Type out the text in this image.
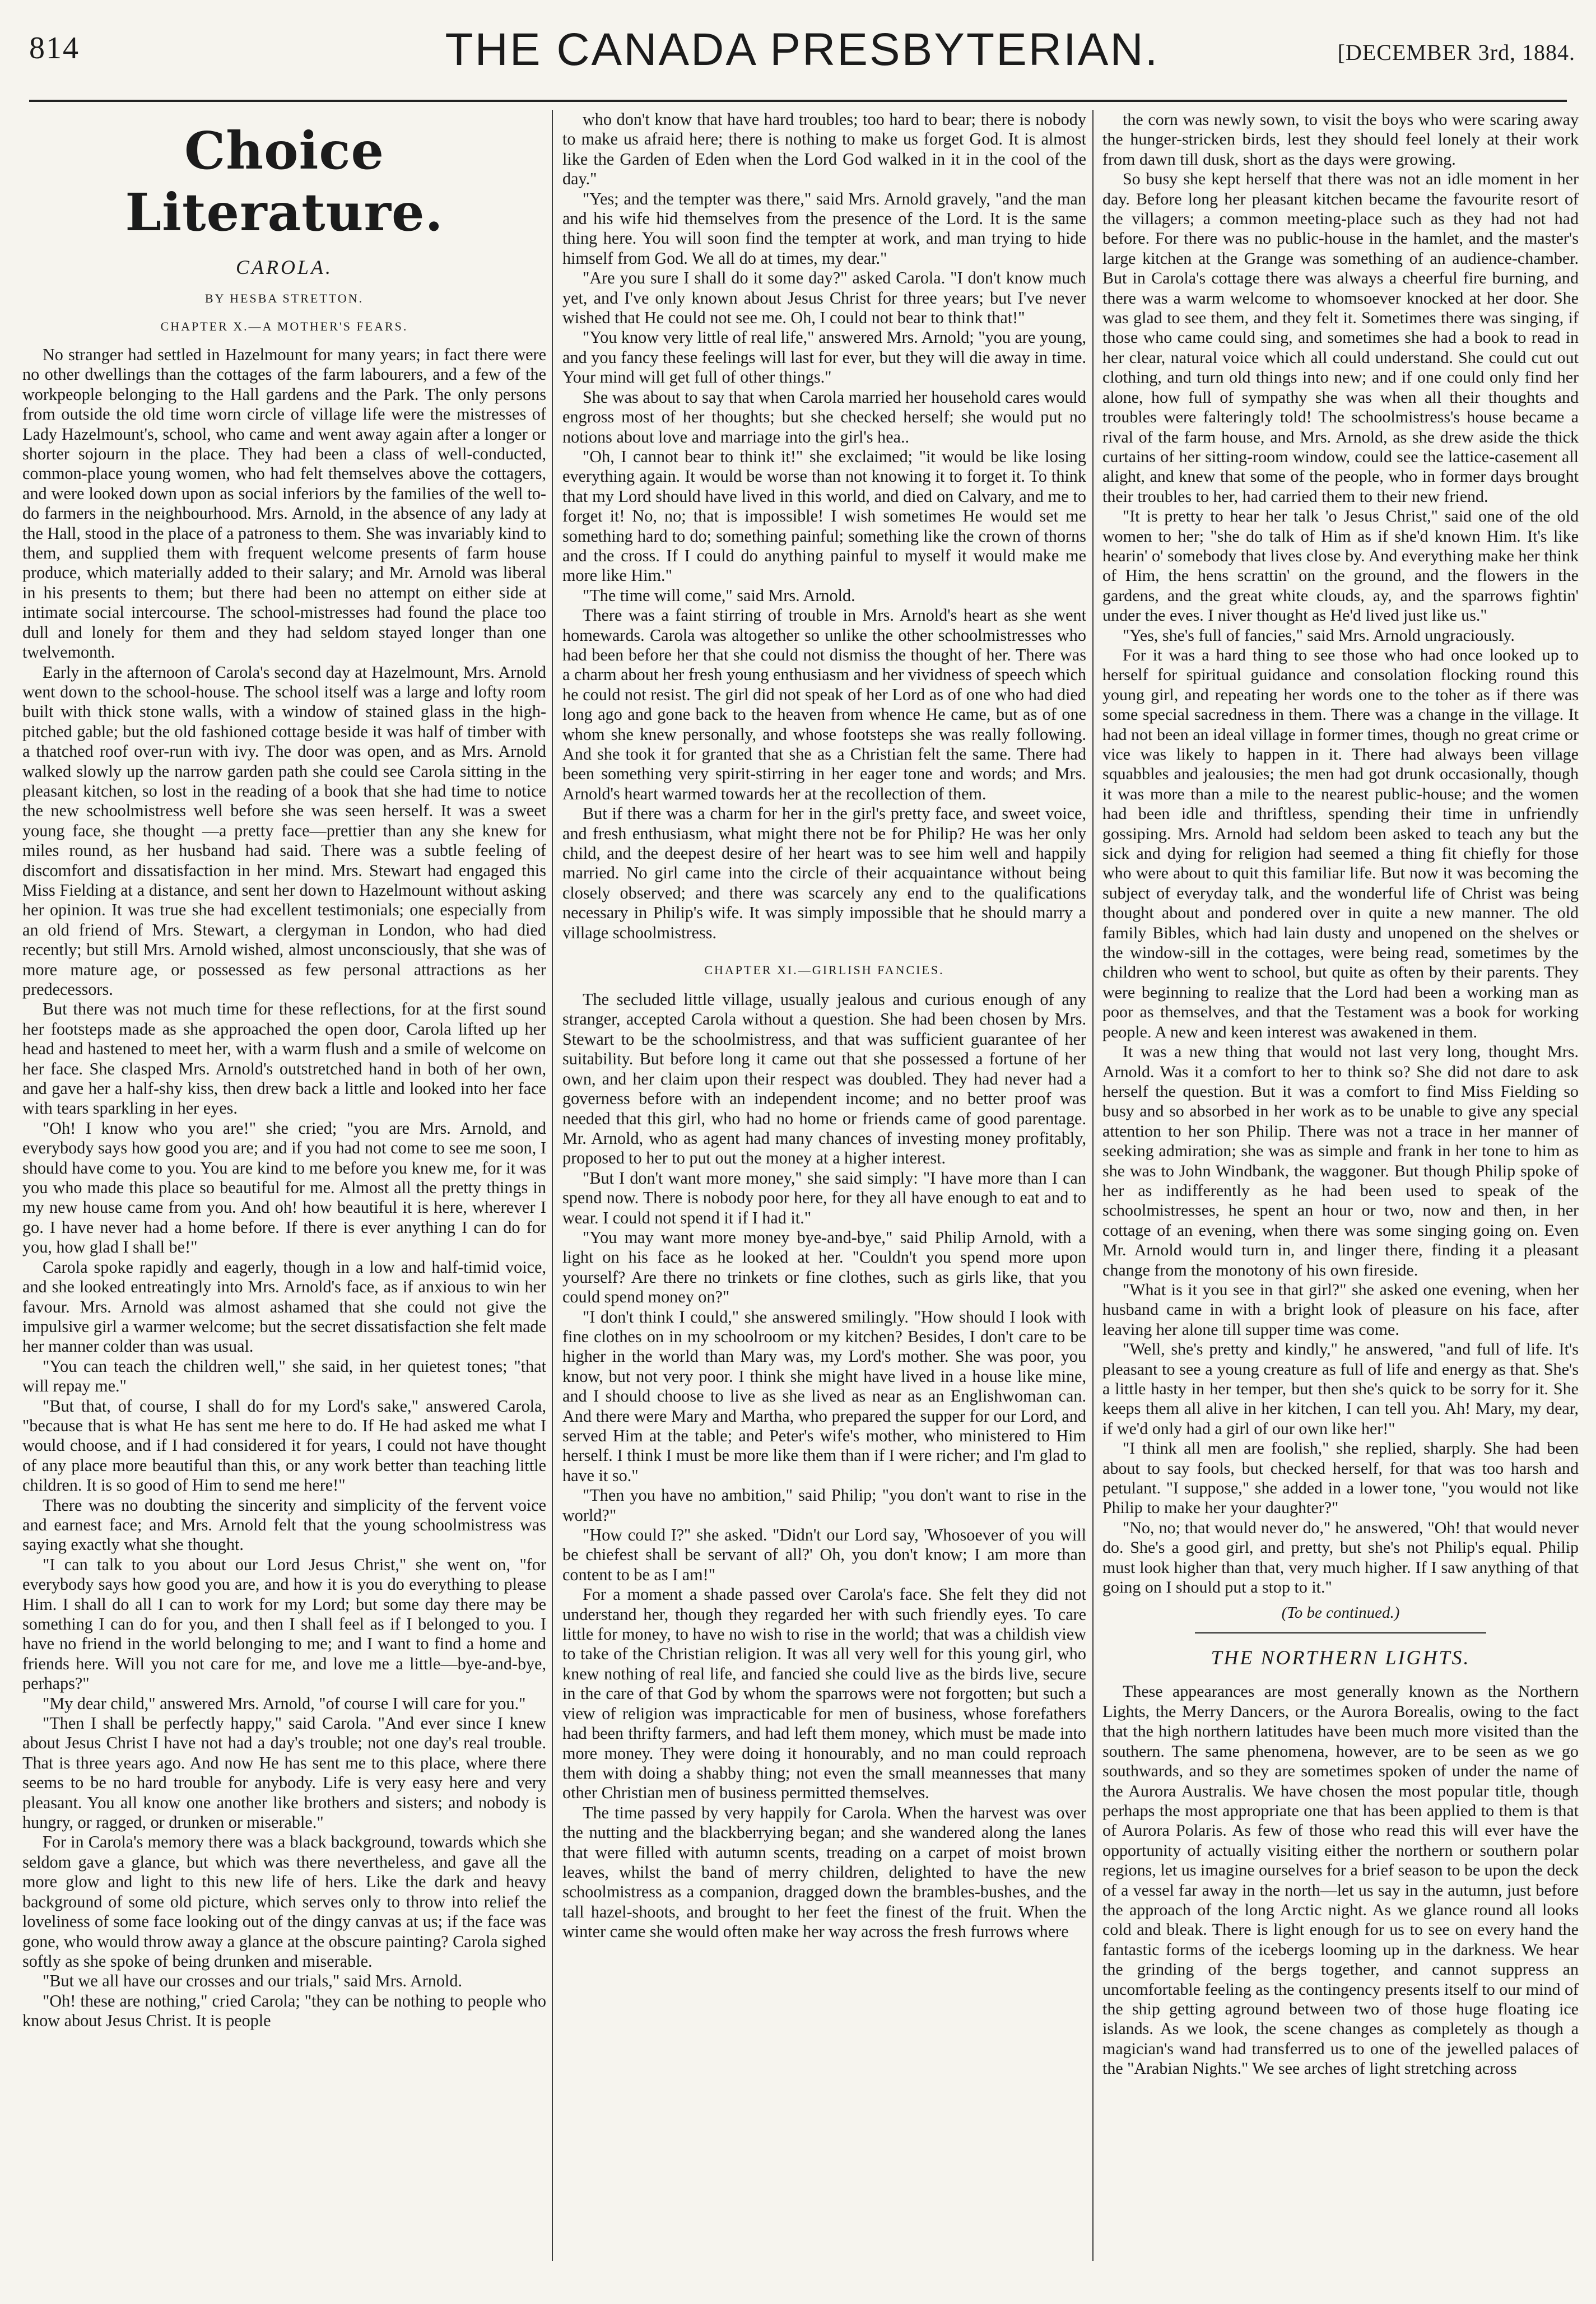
814	THE CANADA PRESBYTERIAN.	[DECEMBER 3rd, 1884.
Choice Literature.
CAROLA.
BY HESBA STRETTON.
CHAPTER X.—A MOTHER'S FEARS.

No stranger had settled in Hazelmount for many years; in fact there were no other dwellings than the cottages of the farm labourers, and a few of the workpeople belonging to the Hall gardens and the Park. The only persons from outside the old time worn circle of village life were the mistresses of Lady Hazelmount's, school, who came and went away again after a longer or shorter sojourn in the place. They had been a class of well-conducted, common-place young women, who had felt themselves above the cottagers, and were looked down upon as social inferiors by the families of the well to-do farmers in the neighbourhood. Mrs. Arnold, in the absence of any lady at the Hall, stood in the place of a patroness to them. She was invariably kind to them, and supplied them with frequent welcome presents of farm house produce, which materially added to their salary; and Mr. Arnold was liberal in his presents to them; but there had been no attempt on either side at intimate social intercourse. The school-mistresses had found the place too dull and lonely for them and they had seldom stayed longer than one twelvemonth.

Early in the afternoon of Carola's second day at Hazelmount, Mrs. Arnold went down to the school-house. The school itself was a large and lofty room built with thick stone walls, with a window of stained glass in the high-pitched gable; but the old fashioned cottage beside it was half of timber with a thatched roof over-run with ivy. The door was open, and as Mrs. Arnold walked slowly up the narrow garden path she could see Carola sitting in the pleasant kitchen, so lost in the reading of a book that she had time to notice the new schoolmistress well before she was seen herself. It was a sweet young face, she thought —a pretty face—prettier than any she knew for miles round, as her husband had said. There was a subtle feeling of discomfort and dissatisfaction in her mind. Mrs. Stewart had engaged this Miss Fielding at a distance, and sent her down to Hazelmount without asking her opinion. It was true she had excellent testimonials; one especially from an old friend of Mrs. Stewart, a clergyman in London, who had died recently; but still Mrs. Arnold wished, almost unconsciously, that she was of more mature age, or possessed as few personal attractions as her predecessors.

But there was not much time for these reflections, for at the first sound her footsteps made as she approached the open door, Carola lifted up her head and hastened to meet her, with a warm flush and a smile of welcome on her face. She clasped Mrs. Arnold's outstretched hand in both of her own, and gave her a half-shy kiss, then drew back a little and looked into her face with tears sparkling in her eyes.

"Oh! I know who you are!" she cried; "you are Mrs. Arnold, and everybody says how good you are; and if you had not come to see me soon, I should have come to you. You are kind to me before you knew me, for it was you who made this place so beautiful for me. Almost all the pretty things in my new house came from you. And oh! how beautiful it is here, wherever I go. I have never had a home before. If there is ever anything I can do for you, how glad I shall be!"

Carola spoke rapidly and eagerly, though in a low and half-timid voice, and she looked entreatingly into Mrs. Arnold's face, as if anxious to win her favour. Mrs. Arnold was almost ashamed that she could not give the impulsive girl a warmer welcome; but the secret dissatisfaction she felt made her manner colder than was usual.

"You can teach the children well," she said, in her quietest tones; "that will repay me."

"But that, of course, I shall do for my Lord's sake," answered Carola, "because that is what He has sent me here to do. If He had asked me what I would choose, and if I had considered it for years, I could not have thought of any place more beautiful than this, or any work better than teaching little children. It is so good of Him to send me here!"

There was no doubting the sincerity and simplicity of the fervent voice and earnest face; and Mrs. Arnold felt that the young schoolmistress was saying exactly what she thought.

"I can talk to you about our Lord Jesus Christ," she went on, "for everybody says how good you are, and how it is you do everything to please Him. I shall do all I can to work for my Lord; but some day there may be something I can do for you, and then I shall feel as if I belonged to you. I have no friend in the world belonging to me; and I want to find a home and friends here. Will you not care for me, and love me a little—bye-and-bye, perhaps?"

"My dear child," answered Mrs. Arnold, "of course I will care for you."

"Then I shall be perfectly happy," said Carola. "And ever since I knew about Jesus Christ I have not had a day's trouble; not one day's real trouble. That is three years ago. And now He has sent me to this place, where there seems to be no hard trouble for anybody. Life is very easy here and very pleasant. You all know one another like brothers and sisters; and nobody is hungry, or ragged, or drunken or miserable."

For in Carola's memory there was a black background, towards which she seldom gave a glance, but which was there nevertheless, and gave all the more glow and light to this new life of hers. Like the dark and heavy background of some old picture, which serves only to throw into relief the loveliness of some face looking out of the dingy canvas at us; if the face was gone, who would throw away a glance at the obscure painting? Carola sighed softly as she spoke of being drunken and miserable.

"But we all have our crosses and our trials," said Mrs. Arnold.

"Oh! these are nothing," cried Carola; "they can be nothing to people who know about Jesus Christ. It is people

who don't know that have hard troubles; too hard to bear; there is nobody to make us afraid here; there is nothing to make us forget God. It is almost like the Garden of Eden when the Lord God walked in it in the cool of the day."

"Yes; and the tempter was there," said Mrs. Arnold gravely, "and the man and his wife hid themselves from the presence of the Lord. It is the same thing here. You will soon find the tempter at work, and man trying to hide himself from God. We all do at times, my dear."

"Are you sure I shall do it some day?" asked Carola. "I don't know much yet, and I've only known about Jesus Christ for three years; but I've never wished that He could not see me. Oh, I could not bear to think that!"

"You know very little of real life," answered Mrs. Arnold; "you are young, and you fancy these feelings will last for ever, but they will die away in time. Your mind will get full of other things."

She was about to say that when Carola married her household cares would engross most of her thoughts; but she checked herself; she would put no notions about love and marriage into the girl's hea..

"Oh, I cannot bear to think it!" she exclaimed; "it would be like losing everything again. It would be worse than not knowing it to forget it. To think that my Lord should have lived in this world, and died on Calvary, and me to forget it! No, no; that is impossible! I wish sometimes He would set me something hard to do; something painful; something like the crown of thorns and the cross. If I could do anything painful to myself it would make me more like Him."

"The time will come," said Mrs. Arnold.

There was a faint stirring of trouble in Mrs. Arnold's heart as she went homewards. Carola was altogether so unlike the other schoolmistresses who had been before her that she could not dismiss the thought of her. There was a charm about her fresh young enthusiasm and her vividness of speech which he could not resist. The girl did not speak of her Lord as of one who had died long ago and gone back to the heaven from whence He came, but as of one whom she knew personally, and whose footsteps she was really following. And she took it for granted that she as a Christian felt the same. There had been something very spirit-stirring in her eager tone and words; and Mrs. Arnold's heart warmed towards her at the recollection of them.

But if there was a charm for her in the girl's pretty face, and sweet voice, and fresh enthusiasm, what might there not be for Philip? He was her only child, and the deepest desire of her heart was to see him well and happily married. No girl came into the circle of their acquaintance without being closely observed; and there was scarcely any end to the qualifications necessary in Philip's wife. It was simply impossible that he should marry a village schoolmistress.

CHAPTER XI.—GIRLISH FANCIES.

The secluded little village, usually jealous and curious enough of any stranger, accepted Carola without a question. She had been chosen by Mrs. Stewart to be the schoolmistress, and that was sufficient guarantee of her suitability. But before long it came out that she possessed a fortune of her own, and her claim upon their respect was doubled. They had never had a governess before with an independent income; and no better proof was needed that this girl, who had no home or friends came of good parentage. Mr. Arnold, who as agent had many chances of investing money profitably, proposed to her to put out the money at a higher interest.

"But I don't want more money," she said simply: "I have more than I can spend now. There is nobody poor here, for they all have enough to eat and to wear. I could not spend it if I had it."

"You may want more money bye-and-bye," said Philip Arnold, with a light on his face as he looked at her. "Couldn't you spend more upon yourself? Are there no trinkets or fine clothes, such as girls like, that you could spend money on?"

"I don't think I could," she answered smilingly. "How should I look with fine clothes on in my schoolroom or my kitchen? Besides, I don't care to be higher in the world than Mary was, my Lord's mother. She was poor, you know, but not very poor. I think she might have lived in a house like mine, and I should choose to live as she lived as near as an Englishwoman can. And there were Mary and Martha, who prepared the supper for our Lord, and served Him at the table; and Peter's wife's mother, who ministered to Him herself. I think I must be more like them than if I were richer; and I'm glad to have it so."

"Then you have no ambition," said Philip; "you don't want to rise in the world?"

"How could I?" she asked. "Didn't our Lord say, 'Whosoever of you will be chiefest shall be servant of all?' Oh, you don't know; I am more than content to be as I am!"

For a moment a shade passed over Carola's face. She felt they did not understand her, though they regarded her with such friendly eyes. To care little for money, to have no wish to rise in the world; that was a childish view to take of the Christian religion. It was all very well for this young girl, who knew nothing of real life, and fancied she could live as the birds live, secure in the care of that God by whom the sparrows were not forgotten; but such a view of religion was impracticable for men of business, whose forefathers had been thrifty farmers, and had left them money, which must be made into more money. They were doing it honourably, and no man could reproach them with doing a shabby thing; not even the small meannesses that many other Christian men of business permitted themselves.

The time passed by very happily for Carola. When the harvest was over the nutting and the blackberrying began; and she wandered along the lanes that were filled with autumn scents, treading on a carpet of moist brown leaves, whilst the band of merry children, delighted to have the new schoolmistress as a companion, dragged down the brambles-bushes, and the tall hazel-shoots, and brought to her feet the finest of the fruit. When the winter came she would often make her way across the fresh furrows where

the corn was newly sown, to visit the boys who were scaring away the hunger-stricken birds, lest they should feel lonely at their work from dawn till dusk, short as the days were growing.

So busy she kept herself that there was not an idle moment in her day. Before long her pleasant kitchen became the favourite resort of the villagers; a common meeting-place such as they had not had before. For there was no public-house in the hamlet, and the master's large kitchen at the Grange was something of an audience-chamber. But in Carola's cottage there was always a cheerful fire burning, and there was a warm welcome to whomsoever knocked at her door. She was glad to see them, and they felt it. Sometimes there was singing, if those who came could sing, and sometimes she had a book to read in her clear, natural voice which all could understand. She could cut out clothing, and turn old things into new; and if one could only find her alone, how full of sympathy she was when all their thoughts and troubles were falteringly told! The schoolmistress's house became a rival of the farm house, and Mrs. Arnold, as she drew aside the thick curtains of her sitting-room window, could see the lattice-casement all alight, and knew that some of the people, who in former days brought their troubles to her, had carried them to their new friend.

"It is pretty to hear her talk 'o Jesus Christ," said one of the old women to her; "she do talk of Him as if she'd known Him. It's like hearin' o' somebody that lives close by. And everything make her think of Him, the hens scrattin' on the ground, and the flowers in the gardens, and the great white clouds, ay, and the sparrows fightin' under the eves. I niver thought as He'd lived just like us."

"Yes, she's full of fancies," said Mrs. Arnold ungraciously.

For it was a hard thing to see those who had once looked up to herself for spiritual guidance and consolation flocking round this young girl, and repeating her words one to the toher as if there was some special sacredness in them. There was a change in the village. It had not been an ideal village in former times, though no great crime or vice was likely to happen in it. There had always been village squabbles and jealousies; the men had got drunk occasionally, though it was more than a mile to the nearest public-house; and the women had been idle and thriftless, spending their time in unfriendly gossiping. Mrs. Arnold had seldom been asked to teach any but the sick and dying for religion had seemed a thing fit chiefly for those who were about to quit this familiar life. But now it was becoming the subject of everyday talk, and the wonderful life of Christ was being thought about and pondered over in quite a new manner. The old family Bibles, which had lain dusty and unopened on the shelves or the window-sill in the cottages, were being read, sometimes by the children who went to school, but quite as often by their parents. They were beginning to realize that the Lord had been a working man as poor as themselves, and that the Testament was a book for working people. A new and keen interest was awakened in them.

It was a new thing that would not last very long, thought Mrs. Arnold. Was it a comfort to her to think so? She did not dare to ask herself the question. But it was a comfort to find Miss Fielding so busy and so absorbed in her work as to be unable to give any special attention to her son Philip. There was not a trace in her manner of seeking admiration; she was as simple and frank in her tone to him as she was to John Windbank, the waggoner. But though Philip spoke of her as indifferently as he had been used to speak of the schoolmistresses, he spent an hour or two, now and then, in her cottage of an evening, when there was some singing going on. Even Mr. Arnold would turn in, and linger there, finding it a pleasant change from the monotony of his own fireside.

"What is it you see in that girl?" she asked one evening, when her husband came in with a bright look of pleasure on his face, after leaving her alone till supper time was come.

"Well, she's pretty and kindly," he answered, "and full of life. It's pleasant to see a young creature as full of life and energy as that. She's a little hasty in her temper, but then she's quick to be sorry for it. She keeps them all alive in her kitchen, I can tell you. Ah! Mary, my dear, if we'd only had a girl of our own like her!"

"I think all men are foolish," she replied, sharply. She had been about to say fools, but checked herself, for that was too harsh and petulant. "I suppose," she added in a lower tone, "you would not like Philip to make her your daughter?"

"No, no; that would never do," he answered, "Oh! that would never do. She's a good girl, and pretty, but she's not Philip's equal. Philip must look higher than that, very much higher. If I saw anything of that going on I should put a stop to it."

(To be continued.)
THE NORTHERN LIGHTS.

These appearances are most generally known as the Northern Lights, the Merry Dancers, or the Aurora Borealis, owing to the fact that the high northern latitudes have been much more visited than the southern. The same phenomena, however, are to be seen as we go southwards, and so they are sometimes spoken of under the name of the Aurora Australis. We have chosen the most popular title, though perhaps the most appropriate one that has been applied to them is that of Aurora Polaris. As few of those who read this will ever have the opportunity of actually visiting either the northern or southern polar regions, let us imagine ourselves for a brief season to be upon the deck of a vessel far away in the north—let us say in the autumn, just before the approach of the long Arctic night. As we glance round all looks cold and bleak. There is light enough for us to see on every hand the fantastic forms of the icebergs looming up in the darkness. We hear the grinding of the bergs together, and cannot suppress an uncomfortable feeling as the contingency presents itself to our mind of the ship getting aground between two of those huge floating ice islands. As we look, the scene changes as completely as though a magician's wand had transferred us to one of the jewelled palaces of the "Arabian Nights." We see arches of light stretching across
